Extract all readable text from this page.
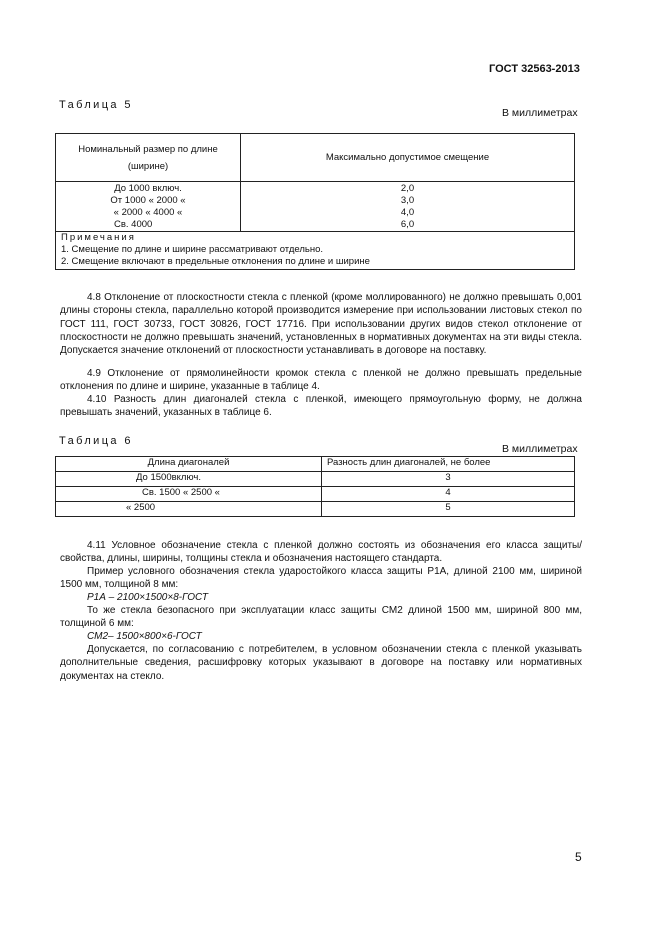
ГОСТ 32563-2013
Таблица 5
В миллиметрах
Номинальный размер по длине
(ширине)	Максимально допустимое смещение
До 1000 включ.	2,0
От 1000 « 2000 «	3,0
« 2000 « 4000 «	4,0
Св. 4000	6,0

Примечания
1. Смещение по длине и ширине рассматривают отдельно.
2. Смещение включают в предельные отклонения по длине и ширине	
4.8 Отклонение от плоскостности стекла с пленкой (кроме моллированного) не должно превышать 0,001 длины стороны стекла, параллельно которой производится измерение при использовании листовых стекол по ГОСТ 111, ГОСТ 30733, ГОСТ 30826, ГОСТ 17716. При использовании других видов стекол отклонение от плоскостности не должно превышать значений, установленных в нормативных документах на эти виды стекла. Допускается значение отклонений от плоскостности устанавливать в договоре на поставку.
4.9 Отклонение от прямолинейности кромок стекла с пленкой не должно превышать предельные отклонения по длине и ширине, указанные в таблице 4.
4.10 Разность длин диагоналей стекла с пленкой, имеющего прямоугольную форму, не должна превышать значений, указанных в таблице 6.
Таблица 6
В миллиметрах
Длина диагоналей	Разность длин диагоналей, не более
До 1500включ.	3
Св. 1500 « 2500 «	4
« 2500	5
4.11 Условное обозначение стекла с пленкой должно состоять из обозначения его класса защиты/свойства, длины, ширины, толщины стекла и обозначения настоящего стандарта.
Пример условного обозначения стекла ударостойкого класса защиты Р1А, длиной 2100 мм, шириной 1500 мм, толщиной 8 мм:
Р1А – 2100×1500×8-ГОСТ
То же стекла безопасного при эксплуатации класс защиты СМ2 длиной 1500 мм, шириной 800 мм, толщиной 6 мм:
СМ2– 1500×800×6-ГОСТ
Допускается, по согласованию с потребителем, в условном обозначении стекла с пленкой указывать дополнительные сведения, расшифровку которых указывают в договоре на поставку или нормативных документах на стекло.
5
